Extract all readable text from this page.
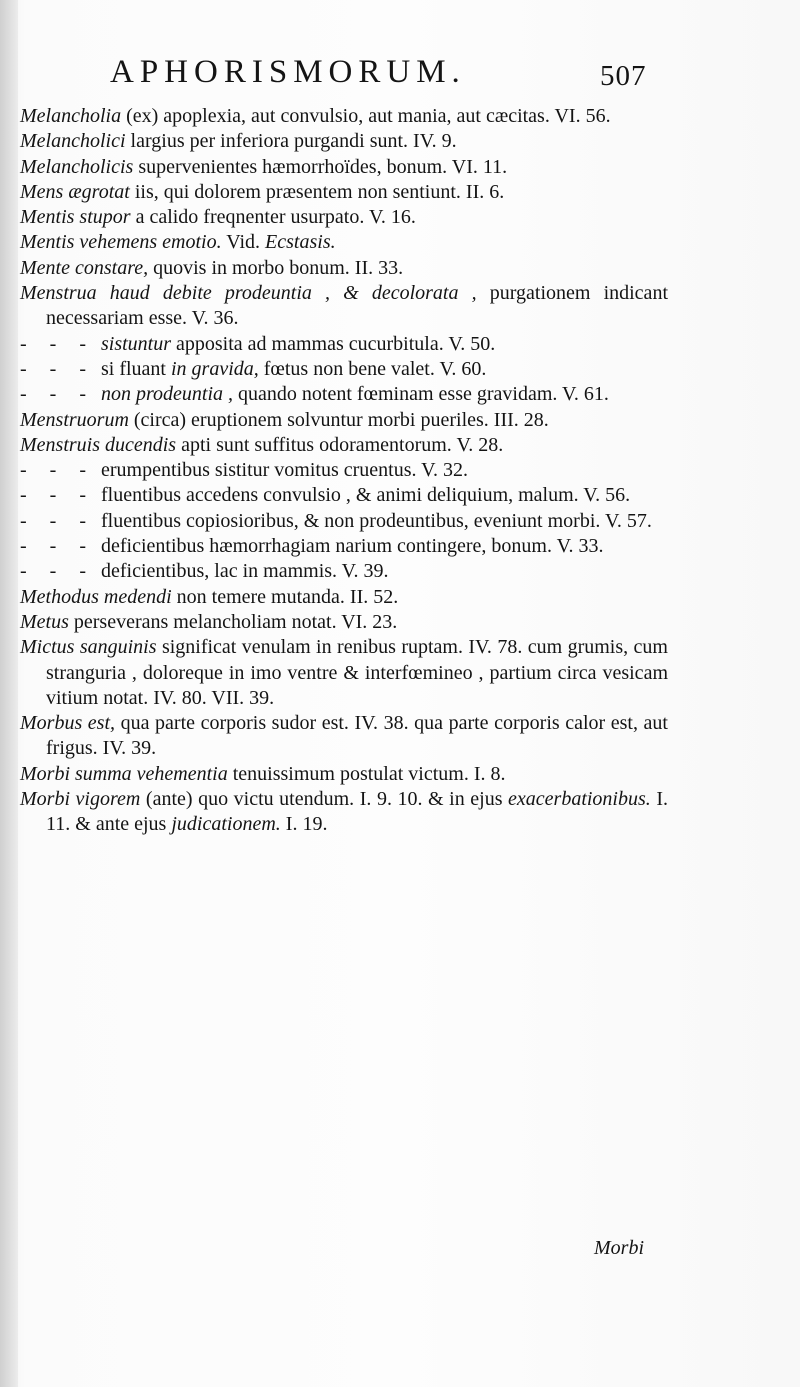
APHORISMORUM.	507
Melancholia (ex) apoplexia, aut convulsio, aut mania, aut cæcitas. VI. 56.
Melancholici largius per inferiora purgandi sunt. IV. 9.
Melancholicis supervenientes hæmorrhoïdes, bonum. VI. 11.
Mens ægrotat iis, qui dolorem præsentem non sentiunt. II. 6.
Mentis stupor a calido freqnenter usurpato. V. 16.
Mentis vehemens emotio. Vid. Ecstasis.
Mente constare, quovis in morbo bonum. II. 33.
Menstrua haud debite prodeuntia , & decolorata , purgationem indicant necessariam esse. V. 36.
- - - sistuntur apposita ad mammas cucurbitula. V. 50.
- - - si fluant in gravida, fœtus non bene valet. V. 60.
- - - non prodeuntia , quando notent fœminam esse gravidam. V. 61.
Menstruorum (circa) eruptionem solvuntur morbi pueriles. III. 28.
Menstruis ducendis apti sunt suffitus odoramentorum. V. 28.
- - - erumpentibus sistitur vomitus cruentus. V. 32.
- - - fluentibus accedens convulsio , & animi deliquium, malum. V. 56.
- - - fluentibus copiosioribus, & non prodeuntibus, eveniunt morbi. V. 57.
- - - deficientibus hæmorrhagiam narium contingere, bonum. V. 33.
- - - deficientibus, lac in mammis. V. 39.
Methodus medendi non temere mutanda. II. 52.
Metus perseverans melancholiam notat. VI. 23.
Mictus sanguinis significat venulam in renibus ruptam. IV. 78. cum grumis, cum stranguria , doloreque in imo ventre & interfœmineo , partium circa vesicam vitium notat. IV. 80. VII. 39.
Morbus est, qua parte corporis sudor est. IV. 38. qua parte corporis calor est, aut frigus. IV. 39.
Morbi summa vehementia tenuissimum postulat victum. I. 8.
Morbi vigorem (ante) quo victu utendum. I. 9. 10. & in ejus exacerbationibus. I. 11. & ante ejus judicationem. I. 19.
Morbi
